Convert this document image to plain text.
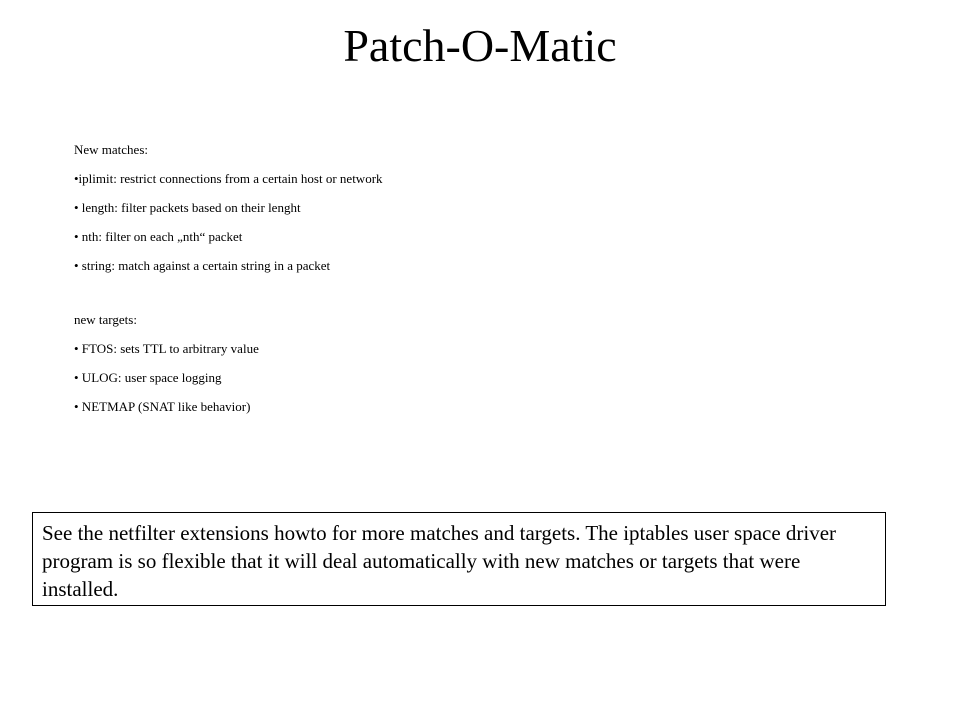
Patch-O-Matic
New matches:
•iplimit: restrict connections from a certain host or network
• length: filter packets based on their lenght
• nth: filter on each „nth“ packet
• string: match against a certain string in a packet
new targets:
• FTOS: sets TTL to arbitrary value
• ULOG: user space logging
• NETMAP (SNAT like behavior)
See the netfilter extensions howto for more matches and targets. The iptables user space driver program is so flexible that it will deal automatically with new matches or targets that were installed.
